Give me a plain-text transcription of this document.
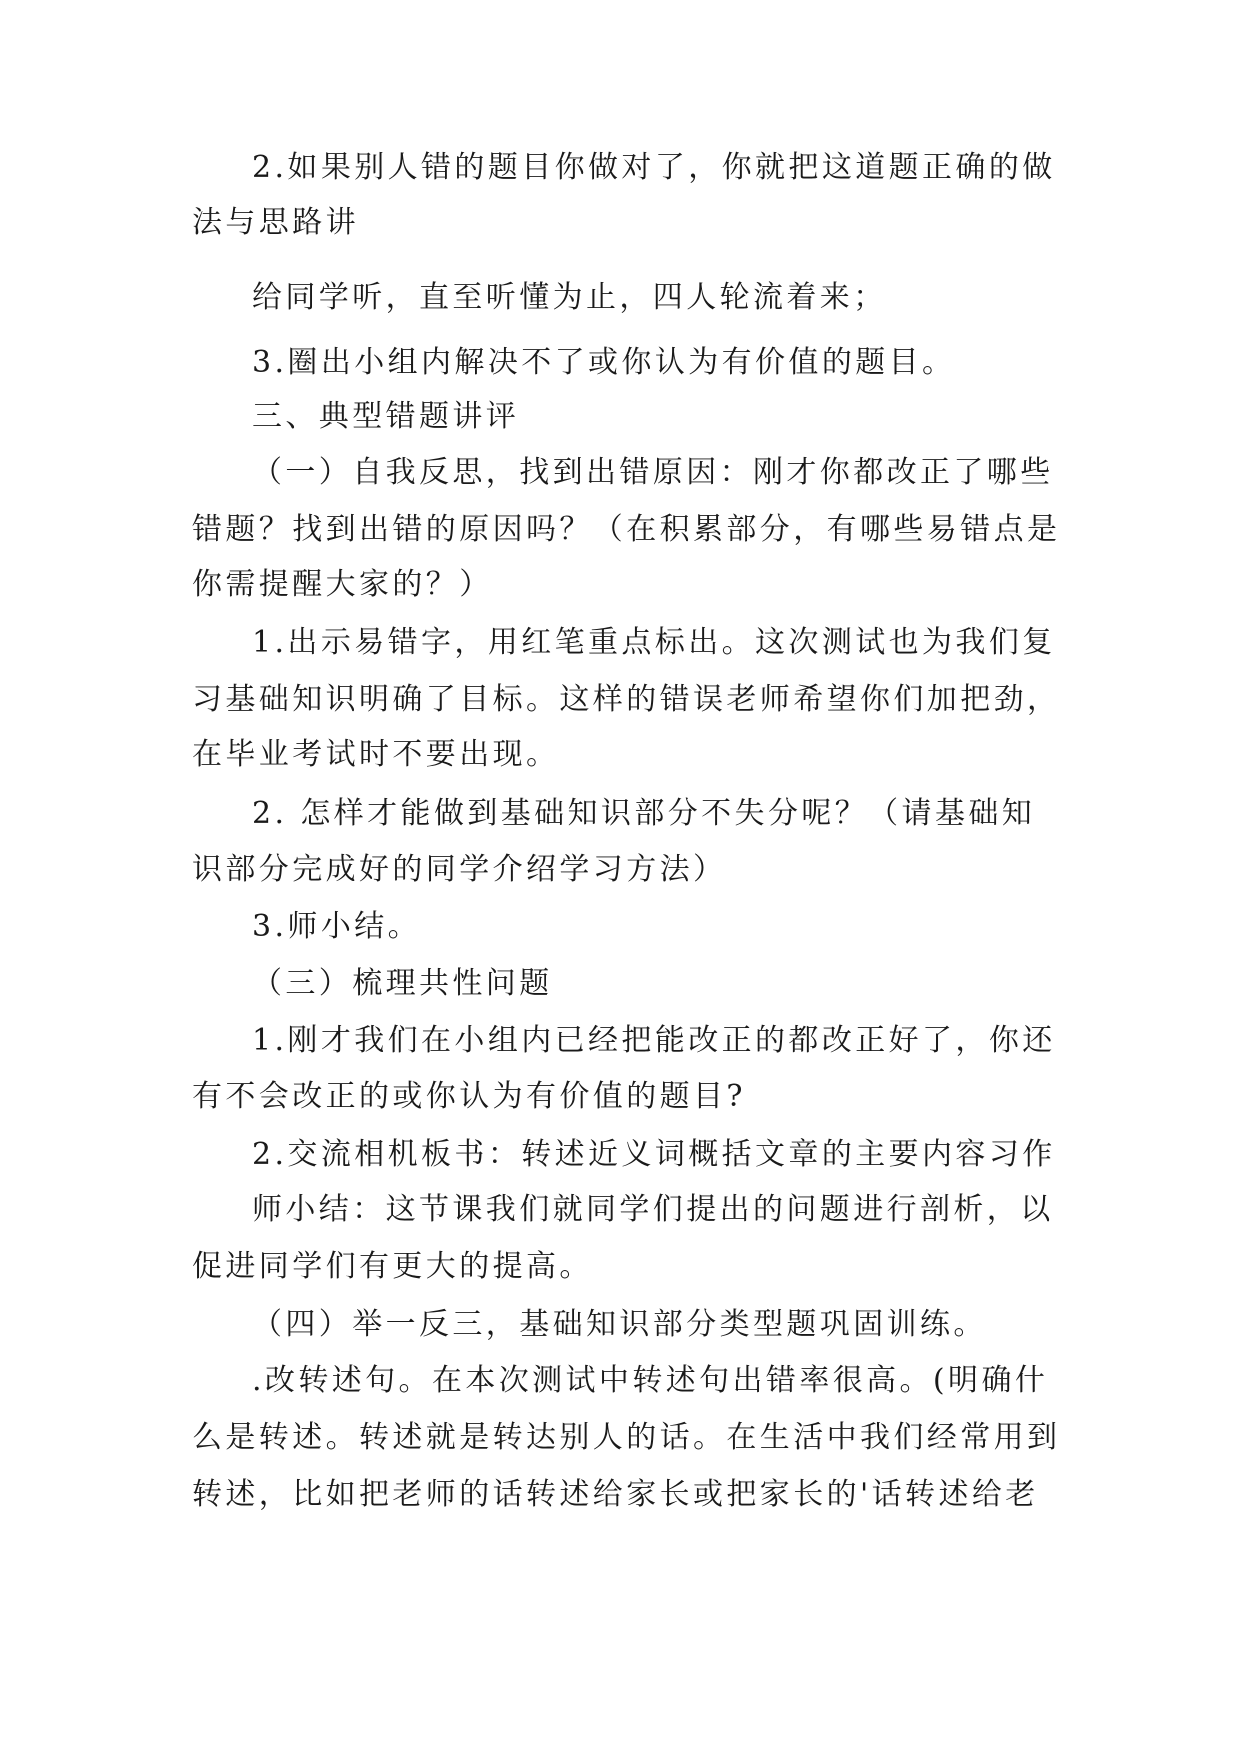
2.如果别人错的题目你做对了，你就把这道题正确的做
法与思路讲
给同学听，直至听懂为止，四人轮流着来；
3.圈出小组内解决不了或你认为有价值的题目。
三、典型错题讲评
（一）自我反思，找到出错原因：刚才你都改正了哪些
错题？找到出错的原因吗？（在积累部分，有哪些易错点是
你需提醒大家的？）
1.出示易错字，用红笔重点标出。这次测试也为我们复
习基础知识明确了目标。这样的错误老师希望你们加把劲，
在毕业考试时不要出现。
2. 怎样才能做到基础知识部分不失分呢？（请基础知
识部分完成好的同学介绍学习方法）
3.师小结。
（三）梳理共性问题
1.刚才我们在小组内已经把能改正的都改正好了，你还
有不会改正的或你认为有价值的题目?
2.交流相机板书：转述近义词概括文章的主要内容习作
师小结：这节课我们就同学们提出的问题进行剖析，以
促进同学们有更大的提高。
（四）举一反三，基础知识部分类型题巩固训练。
.改转述句。在本次测试中转述句出错率很高。(明确什
么是转述。转述就是转达别人的话。在生活中我们经常用到
转述，比如把老师的话转述给家长或把家长的'话转述给老
